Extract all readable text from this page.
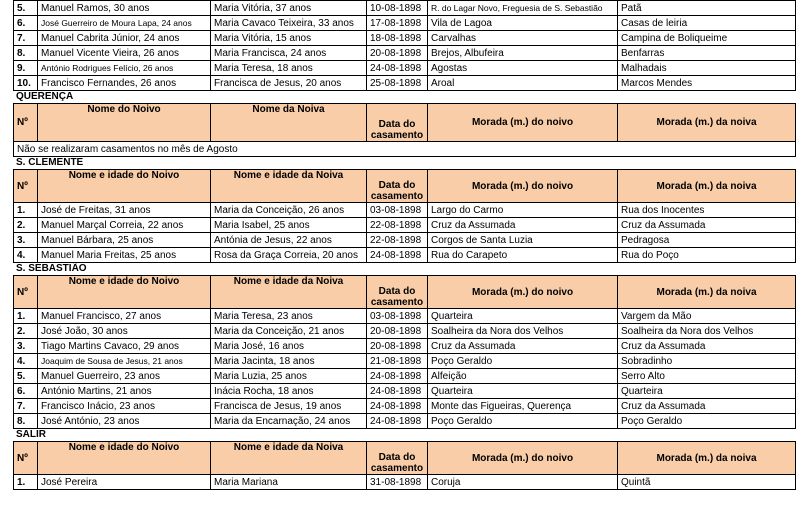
5.	Manuel Ramos, 30 anos	Maria Vitória, 37 anos	10-08-1898	R. do Lagar Novo, Freguesia de S. Sebastião	Patã
6.	José Guerreiro de Moura Lapa, 24 anos	Maria Cavaco Teixeira, 33 anos	17-08-1898	Vila de Lagoa	Casas de leiria
7.	Manuel Cabrita Júnior, 24 anos	Maria Vitória, 15 anos	18-08-1898	Carvalhas	Campina de Boliqueime
8.	Manuel Vicente Vieira, 26 anos	Maria Francisca, 24 anos	20-08-1898	Brejos, Albufeira	Benfarras
9.	António Rodrigues Felício, 26 anos	Maria Teresa, 18 anos	24-08-1898	Agostas	Malhadais
10.	Francisco Fernandes, 26 anos	Francisca de Jesus, 20 anos	25-08-1898	Aroal	Marcos Mendes
QUERENÇA
Nº	Nome do Noivo	Nome da Noiva	Data do casamento	Morada (m.) do noivo	Morada (m.) da noiva
Não se realizaram casamentos no mês de Agosto
S. CLEMENTE
Nº	Nome e idade do Noivo	Nome e idade da Noiva	Data do casamento	Morada (m.) do noivo	Morada (m.) da noiva
1.	José de Freitas, 31 anos	Maria da Conceição, 26 anos	03-08-1898	Largo do Carmo	Rua dos Inocentes
2.	Manuel Marçal Correia, 22 anos	Maria Isabel, 25 anos	22-08-1898	Cruz da Assumada	Cruz da Assumada
3.	Manuel Bárbara, 25 anos	Antónia de Jesus, 22 anos	22-08-1898	Corgos de Santa Luzia	Pedragosa
4.	Manuel Maria Freitas, 25 anos	Rosa da Graça Correia, 20 anos	24-08-1898	Rua do Carapeto	Rua do Poço
S. SEBASTIÃO
Nº	Nome e idade do Noivo	Nome e idade da Noiva	Data do casamento	Morada (m.) do noivo	Morada (m.) da noiva
1.	Manuel Francisco, 27 anos	Maria Teresa, 23 anos	03-08-1898	Quarteira	Vargem da Mão
2.	José João, 30 anos	Maria da Conceição, 21 anos	20-08-1898	Soalheira da Nora dos Velhos	Soalheira da Nora dos Velhos
3.	Tiago Martins Cavaco, 29 anos	Maria José, 16 anos	20-08-1898	Cruz da Assumada	Cruz da Assumada
4.	Joaquim de Sousa de Jesus, 21 anos	Maria Jacinta, 18 anos	21-08-1898	Poço Geraldo	Sobradinho
5.	Manuel Guerreiro, 23 anos	Maria Luzia, 25 anos	24-08-1898	Alfeição	Serro Alto
6.	António Martins, 21 anos	Inácia Rocha, 18 anos	24-08-1898	Quarteira	Quarteira
7.	Francisco Inácio, 23 anos	Francisca de Jesus, 19 anos	24-08-1898	Monte das Figueiras, Querença	Cruz da Assumada
8.	José António, 23 anos	Maria da Encarnação, 24 anos	24-08-1898	Poço Geraldo	Poço Geraldo
SALIR
Nº	Nome e idade do Noivo	Nome e idade da Noiva	Data do casamento	Morada (m.) do noivo	Morada (m.) da noiva
1.	José Pereira	Maria Mariana	31-08-1898	Coruja	Quintã
